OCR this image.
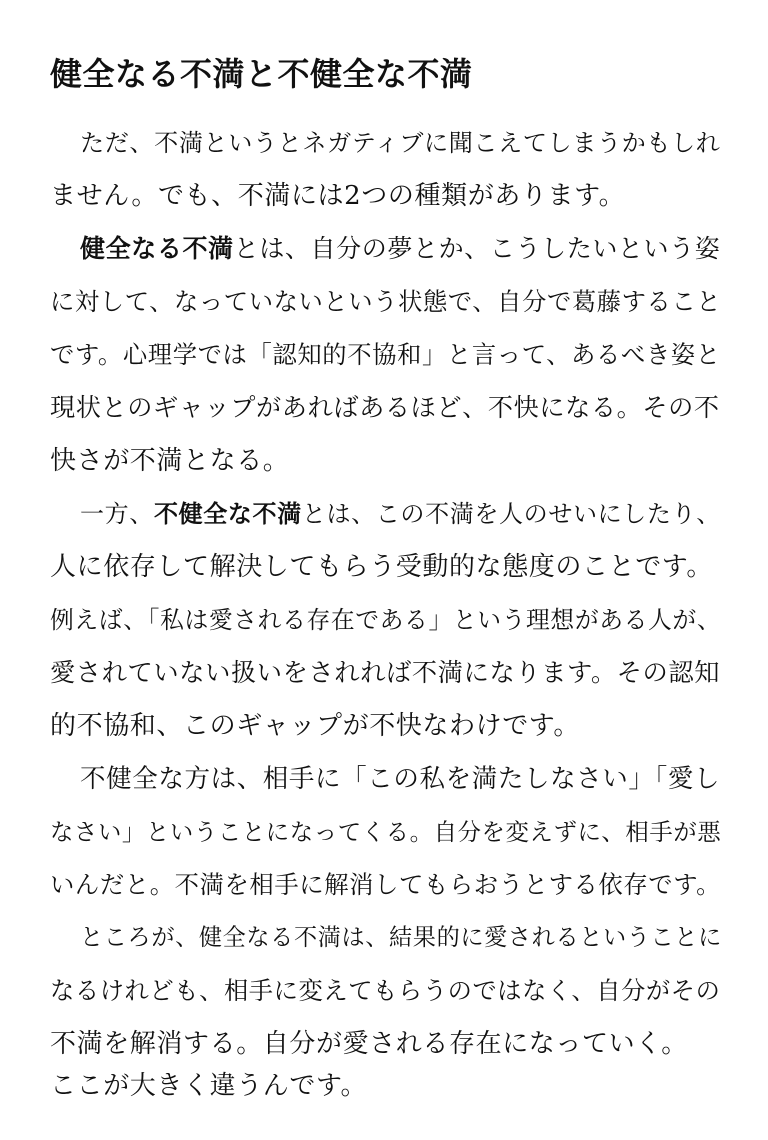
健全なる不満と不健全な不満

ただ、不満というとネガティブに聞こえてしまうかもしれ

ません。でも、不満には2つの種類があります。

健全なる不満とは、自分の夢とか、こうしたいという姿

に対して、なっていないという状態で、自分で葛藤すること

です。心理学では「認知的不協和」と言って、あるべき姿と

現状とのギャップがあればあるほど、不快になる。その不

快さが不満となる。

一方、不健全な不満とは、この不満を人のせいにしたり、

人に依存して解決してもらう受動的な態度のことです。

例えば、「私は愛される存在である」という理想がある人が、

愛されていない扱いをされれば不満になります。その認知

的不協和、このギャップが不快なわけです。

不健全な方は、相手に「この私を満たしなさい」「愛し

なさい」ということになってくる。自分を変えずに、相手が悪

いんだと。不満を相手に解消してもらおうとする依存です。

ところが、健全なる不満は、結果的に愛されるということに

なるけれども、相手に変えてもらうのではなく、自分がその

不満を解消する。自分が愛される存在になっていく。

ここが大きく違うんです。
